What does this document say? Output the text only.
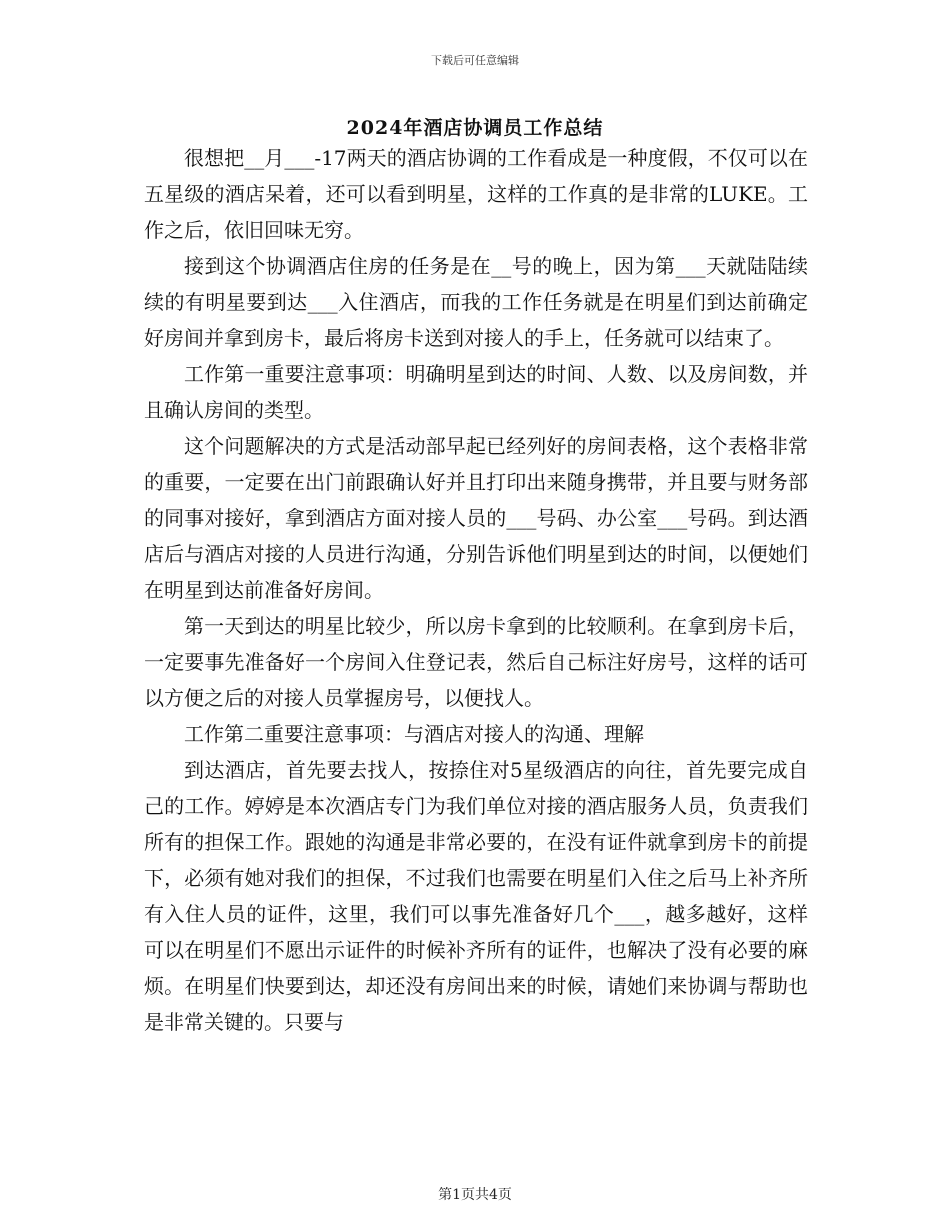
下载后可任意编辑
2024年酒店协调员工作总结

很想把__月___-17两天的酒店协调的工作看成是一种度假，不仅可以在五星级的酒店呆着，还可以看到明星，这样的工作真的是非常的LUKE。工作之后，依旧回味无穷。

接到这个协调酒店住房的任务是在__号的晚上，因为第___天就陆陆续续的有明星要到达___入住酒店，而我的工作任务就是在明星们到达前确定好房间并拿到房卡，最后将房卡送到对接人的手上，任务就可以结束了。

工作第一重要注意事项：明确明星到达的时间、人数、以及房间数，并且确认房间的类型。

这个问题解决的方式是活动部早起已经列好的房间表格，这个表格非常的重要，一定要在出门前跟确认好并且打印出来随身携带，并且要与财务部的同事对接好，拿到酒店方面对接人员的___号码、办公室___号码。到达酒店后与酒店对接的人员进行沟通，分别告诉他们明星到达的时间，以便她们在明星到达前准备好房间。

第一天到达的明星比较少，所以房卡拿到的比较顺利。在拿到房卡后，一定要事先准备好一个房间入住登记表，然后自己标注好房号，这样的话可以方便之后的对接人员掌握房号，以便找人。

工作第二重要注意事项：与酒店对接人的沟通、理解

到达酒店，首先要去找人，按捺住对5星级酒店的向往，首先要完成自己的工作。婷婷是本次酒店专门为我们单位对接的酒店服务人员，负责我们所有的担保工作。跟她的沟通是非常必要的，在没有证件就拿到房卡的前提下，必须有她对我们的担保，不过我们也需要在明星们入住之后马上补齐所有入住人员的证件，这里，我们可以事先准备好几个___，越多越好，这样可以在明星们不愿出示证件的时候补齐所有的证件，也解决了没有必要的麻烦。在明星们快要到达，却还没有房间出来的时候，请她们来协调与帮助也是非常关键的。只要与

第1页共4页
